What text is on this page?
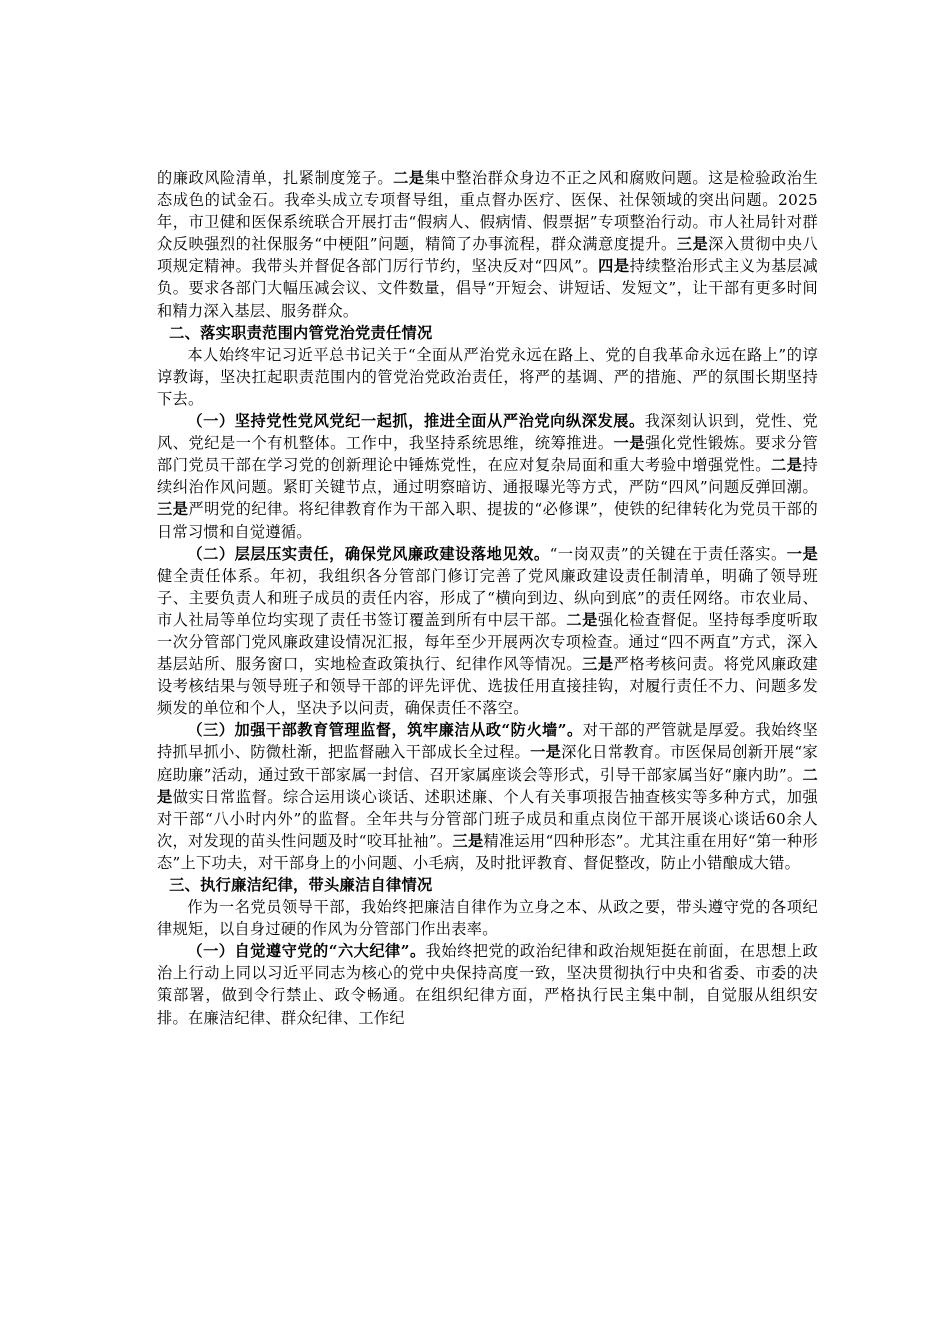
的廉政风险清单，扎紧制度笼子。二是集中整治群众身边不正之风和腐败问题。这是检验政治生态成色的试金石。我牵头成立专项督导组，重点督办医疗、医保、社保领域的突出问题。2025年，市卫健和医保系统联合开展打击“假病人、假病情、假票据”专项整治行动。市人社局针对群众反映强烈的社保服务“中梗阻”问题，精简了办事流程，群众满意度提升。三是深入贯彻中央八项规定精神。我带头并督促各部门厉行节约，坚决反对“四风”。四是持续整治形式主义为基层减负。要求各部门大幅压减会议、文件数量，倡导“开短会、讲短话、发短文”，让干部有更多时间和精力深入基层、服务群众。

二、落实职责范围内管党治党责任情况

本人始终牢记习近平总书记关于“全面从严治党永远在路上、党的自我革命永远在路上”的谆谆教诲，坚决扛起职责范围内的管党治党政治责任，将严的基调、严的措施、严的氛围长期坚持下去。

（一）坚持党性党风党纪一起抓，推进全面从严治党向纵深发展。我深刻认识到，党性、党风、党纪是一个有机整体。工作中，我坚持系统思维，统筹推进。一是强化党性锻炼。要求分管部门党员干部在学习党的创新理论中锤炼党性，在应对复杂局面和重大考验中增强党性。二是持续纠治作风问题。紧盯关键节点，通过明察暗访、通报曝光等方式，严防“四风”问题反弹回潮。三是严明党的纪律。将纪律教育作为干部入职、提拔的“必修课”，使铁的纪律转化为党员干部的日常习惯和自觉遵循。

（二）层层压实责任，确保党风廉政建设落地见效。“一岗双责”的关键在于责任落实。一是健全责任体系。年初，我组织各分管部门修订完善了党风廉政建设责任制清单，明确了领导班子、主要负责人和班子成员的责任内容，形成了“横向到边、纵向到底”的责任网络。市农业局、市人社局等单位均实现了责任书签订覆盖到所有中层干部。二是强化检查督促。坚持每季度听取一次分管部门党风廉政建设情况汇报，每年至少开展两次专项检查。通过“四不两直”方式，深入基层站所、服务窗口，实地检查政策执行、纪律作风等情况。三是严格考核问责。将党风廉政建设考核结果与领导班子和领导干部的评先评优、选拔任用直接挂钩，对履行责任不力、问题多发频发的单位和个人，坚决予以问责，确保责任不落空。

（三）加强干部教育管理监督，筑牢廉洁从政“防火墙”。对干部的严管就是厚爱。我始终坚持抓早抓小、防微杜渐，把监督融入干部成长全过程。一是深化日常教育。市医保局创新开展“家庭助廉”活动，通过致干部家属一封信、召开家属座谈会等形式，引导干部家属当好“廉内助”。二是做实日常监督。综合运用谈心谈话、述职述廉、个人有关事项报告抽查核实等多种方式，加强对干部“八小时内外”的监督。全年共与分管部门班子成员和重点岗位干部开展谈心谈话60余人次，对发现的苗头性问题及时“咬耳扯袖”。三是精准运用“四种形态”。尤其注重在用好“第一种形态”上下功夫，对干部身上的小问题、小毛病，及时批评教育、督促整改，防止小错酿成大错。

三、执行廉洁纪律，带头廉洁自律情况

作为一名党员领导干部，我始终把廉洁自律作为立身之本、从政之要，带头遵守党的各项纪律规矩，以自身过硬的作风为分管部门作出表率。

（一）自觉遵守党的“六大纪律”。我始终把党的政治纪律和政治规矩挺在前面，在思想上政治上行动上同以习近平同志为核心的党中央保持高度一致，坚决贯彻执行中央和省委、市委的决策部署，做到令行禁止、政令畅通。在组织纪律方面，严格执行民主集中制，自觉服从组织安排。在廉洁纪律、群众纪律、工作纪
